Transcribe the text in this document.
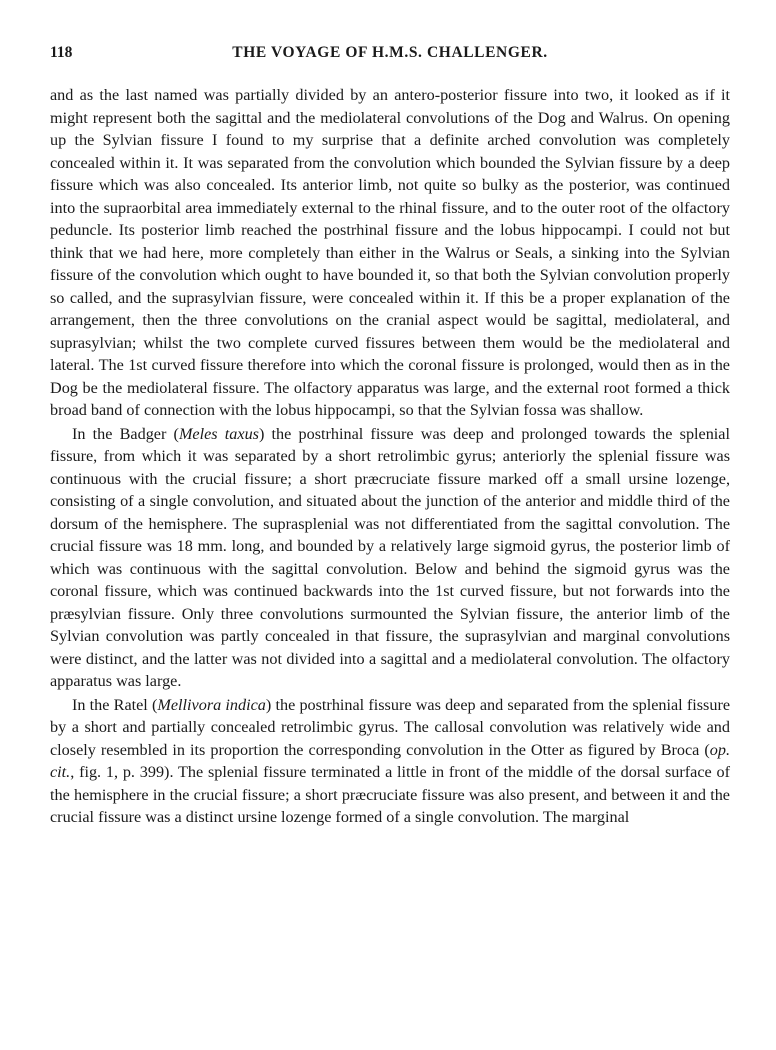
118	THE VOYAGE OF H.M.S. CHALLENGER.

and as the last named was partially divided by an antero-posterior fissure into two, it looked as if it might represent both the sagittal and the mediolateral convolutions of the Dog and Walrus. On opening up the Sylvian fissure I found to my surprise that a definite arched convolution was completely concealed within it. It was separated from the convolution which bounded the Sylvian fissure by a deep fissure which was also concealed. Its anterior limb, not quite so bulky as the posterior, was continued into the supraorbital area immediately external to the rhinal fissure, and to the outer root of the olfactory peduncle. Its posterior limb reached the postrhinal fissure and the lobus hippocampi. I could not but think that we had here, more completely than either in the Walrus or Seals, a sinking into the Sylvian fissure of the convolution which ought to have bounded it, so that both the Sylvian convolution properly so called, and the suprasylvian fissure, were concealed within it. If this be a proper explanation of the arrangement, then the three convolutions on the cranial aspect would be sagittal, mediolateral, and suprasylvian; whilst the two complete curved fissures between them would be the mediolateral and lateral. The 1st curved fissure therefore into which the coronal fissure is prolonged, would then as in the Dog be the mediolateral fissure. The olfactory apparatus was large, and the external root formed a thick broad band of connection with the lobus hippocampi, so that the Sylvian fossa was shallow.

In the Badger (Meles taxus) the postrhinal fissure was deep and prolonged towards the splenial fissure, from which it was separated by a short retrolimbic gyrus; anteriorly the splenial fissure was continuous with the crucial fissure; a short præcruciate fissure marked off a small ursine lozenge, consisting of a single convolution, and situated about the junction of the anterior and middle third of the dorsum of the hemisphere. The suprasplenial was not differentiated from the sagittal convolution. The crucial fissure was 18 mm. long, and bounded by a relatively large sigmoid gyrus, the posterior limb of which was continuous with the sagittal convolution. Below and behind the sigmoid gyrus was the coronal fissure, which was continued backwards into the 1st curved fissure, but not forwards into the præsylvian fissure. Only three convolutions surmounted the Sylvian fissure, the anterior limb of the Sylvian convolution was partly concealed in that fissure, the suprasylvian and marginal convolutions were distinct, and the latter was not divided into a sagittal and a mediolateral convolution. The olfactory apparatus was large.

In the Ratel (Mellivora indica) the postrhinal fissure was deep and separated from the splenial fissure by a short and partially concealed retrolimbic gyrus. The callosal convolution was relatively wide and closely resembled in its proportion the corresponding convolution in the Otter as figured by Broca (op. cit., fig. 1, p. 399). The splenial fissure terminated a little in front of the middle of the dorsal surface of the hemisphere in the crucial fissure; a short præcruciate fissure was also present, and between it and the crucial fissure was a distinct ursine lozenge formed of a single convolution. The marginal
